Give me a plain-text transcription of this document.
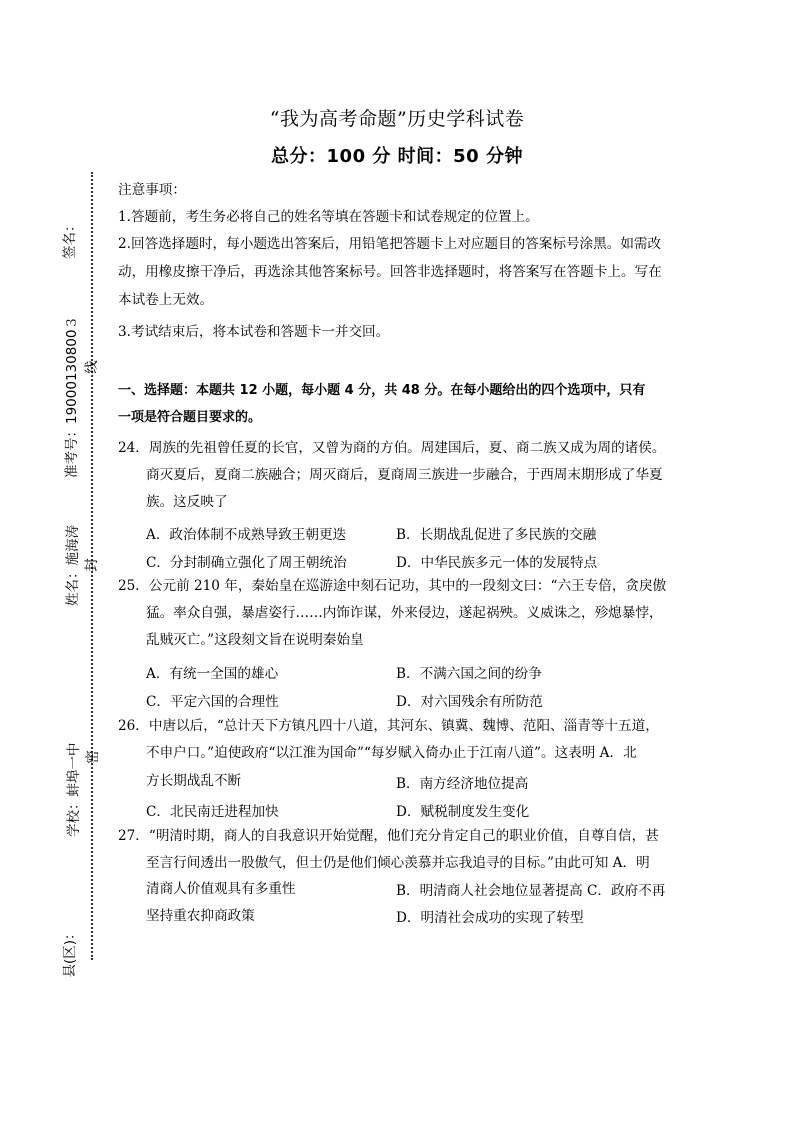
“我为高考命题”历史学科试卷
总分：100 分 时间：50 分钟
签名：
准考号：19000130800３
姓名：施海涛
学校：蚌埠一中
县(区)：
线
封
密
注意事项：
1.答题前，考生务必将自己的姓名等填在答题卡和试卷规定的位置上。
2.回答选择题时，每小题选出答案后，用铅笔把答题卡上对应题目的答案标号涂黑。如需改
动，用橡皮擦干净后，再选涂其他答案标号。回答非选择题时，将答案写在答题卡上。写在
本试卷上无效。
3.考试结束后，将本试卷和答题卡一并交回。
一、选择题：本题共 12 小题，每小题 4 分，共 48 分。在每小题给出的四个选项中，只有
一项是符合题目要求的。
24．周族的先祖曾任夏的长官，又曾为商的方伯。周建国后，夏、商二族又成为周的诸侯。
商灭夏后，夏商二族融合；周灭商后，夏商周三族进一步融合，于西周末期形成了华夏
族。这反映了
A．政治体制不成熟导致王朝更迭	B．长期战乱促进了多民族的交融
C．分封制确立强化了周王朝统治	D．中华民族多元一体的发展特点
25．公元前 210 年，秦始皇在巡游途中刻石记功，其中的一段刻文曰：“六王专倍，贪戾傲
猛。率众自强，暴虐姿行……内饰诈谋，外来侵边，遂起祸殃。义威诛之，殄熄暴悖，
乱贼灭亡。”这段刻文旨在说明秦始皇
A．有统一全国的雄心	B．不满六国之间的纷争
C．平定六国的合理性	D．对六国残余有所防范
26．中唐以后，“总计天下方镇凡四十八道，其河东、镇冀、魏博、范阳、淄青等十五道，
不申户口。”迫使政府“以江淮为国命”“每岁赋入倚办止于江南八道”。这表明 A．北
方长期战乱不断	B．南方经济地位提高
C．北民南迁进程加快	D．赋税制度发生变化
27．“明清时期，商人的自我意识开始觉醒，他们充分肯定自己的职业价值，自尊自信，甚
至言行间透出一股傲气，但士仍是他们倾心羡慕并忘我追寻的目标。”由此可知 A．明
清商人价值观具有多重性	B．明清商人社会地位显著提高 C．政府不再
坚持重农抑商政策	D．明清社会成功的实现了转型
